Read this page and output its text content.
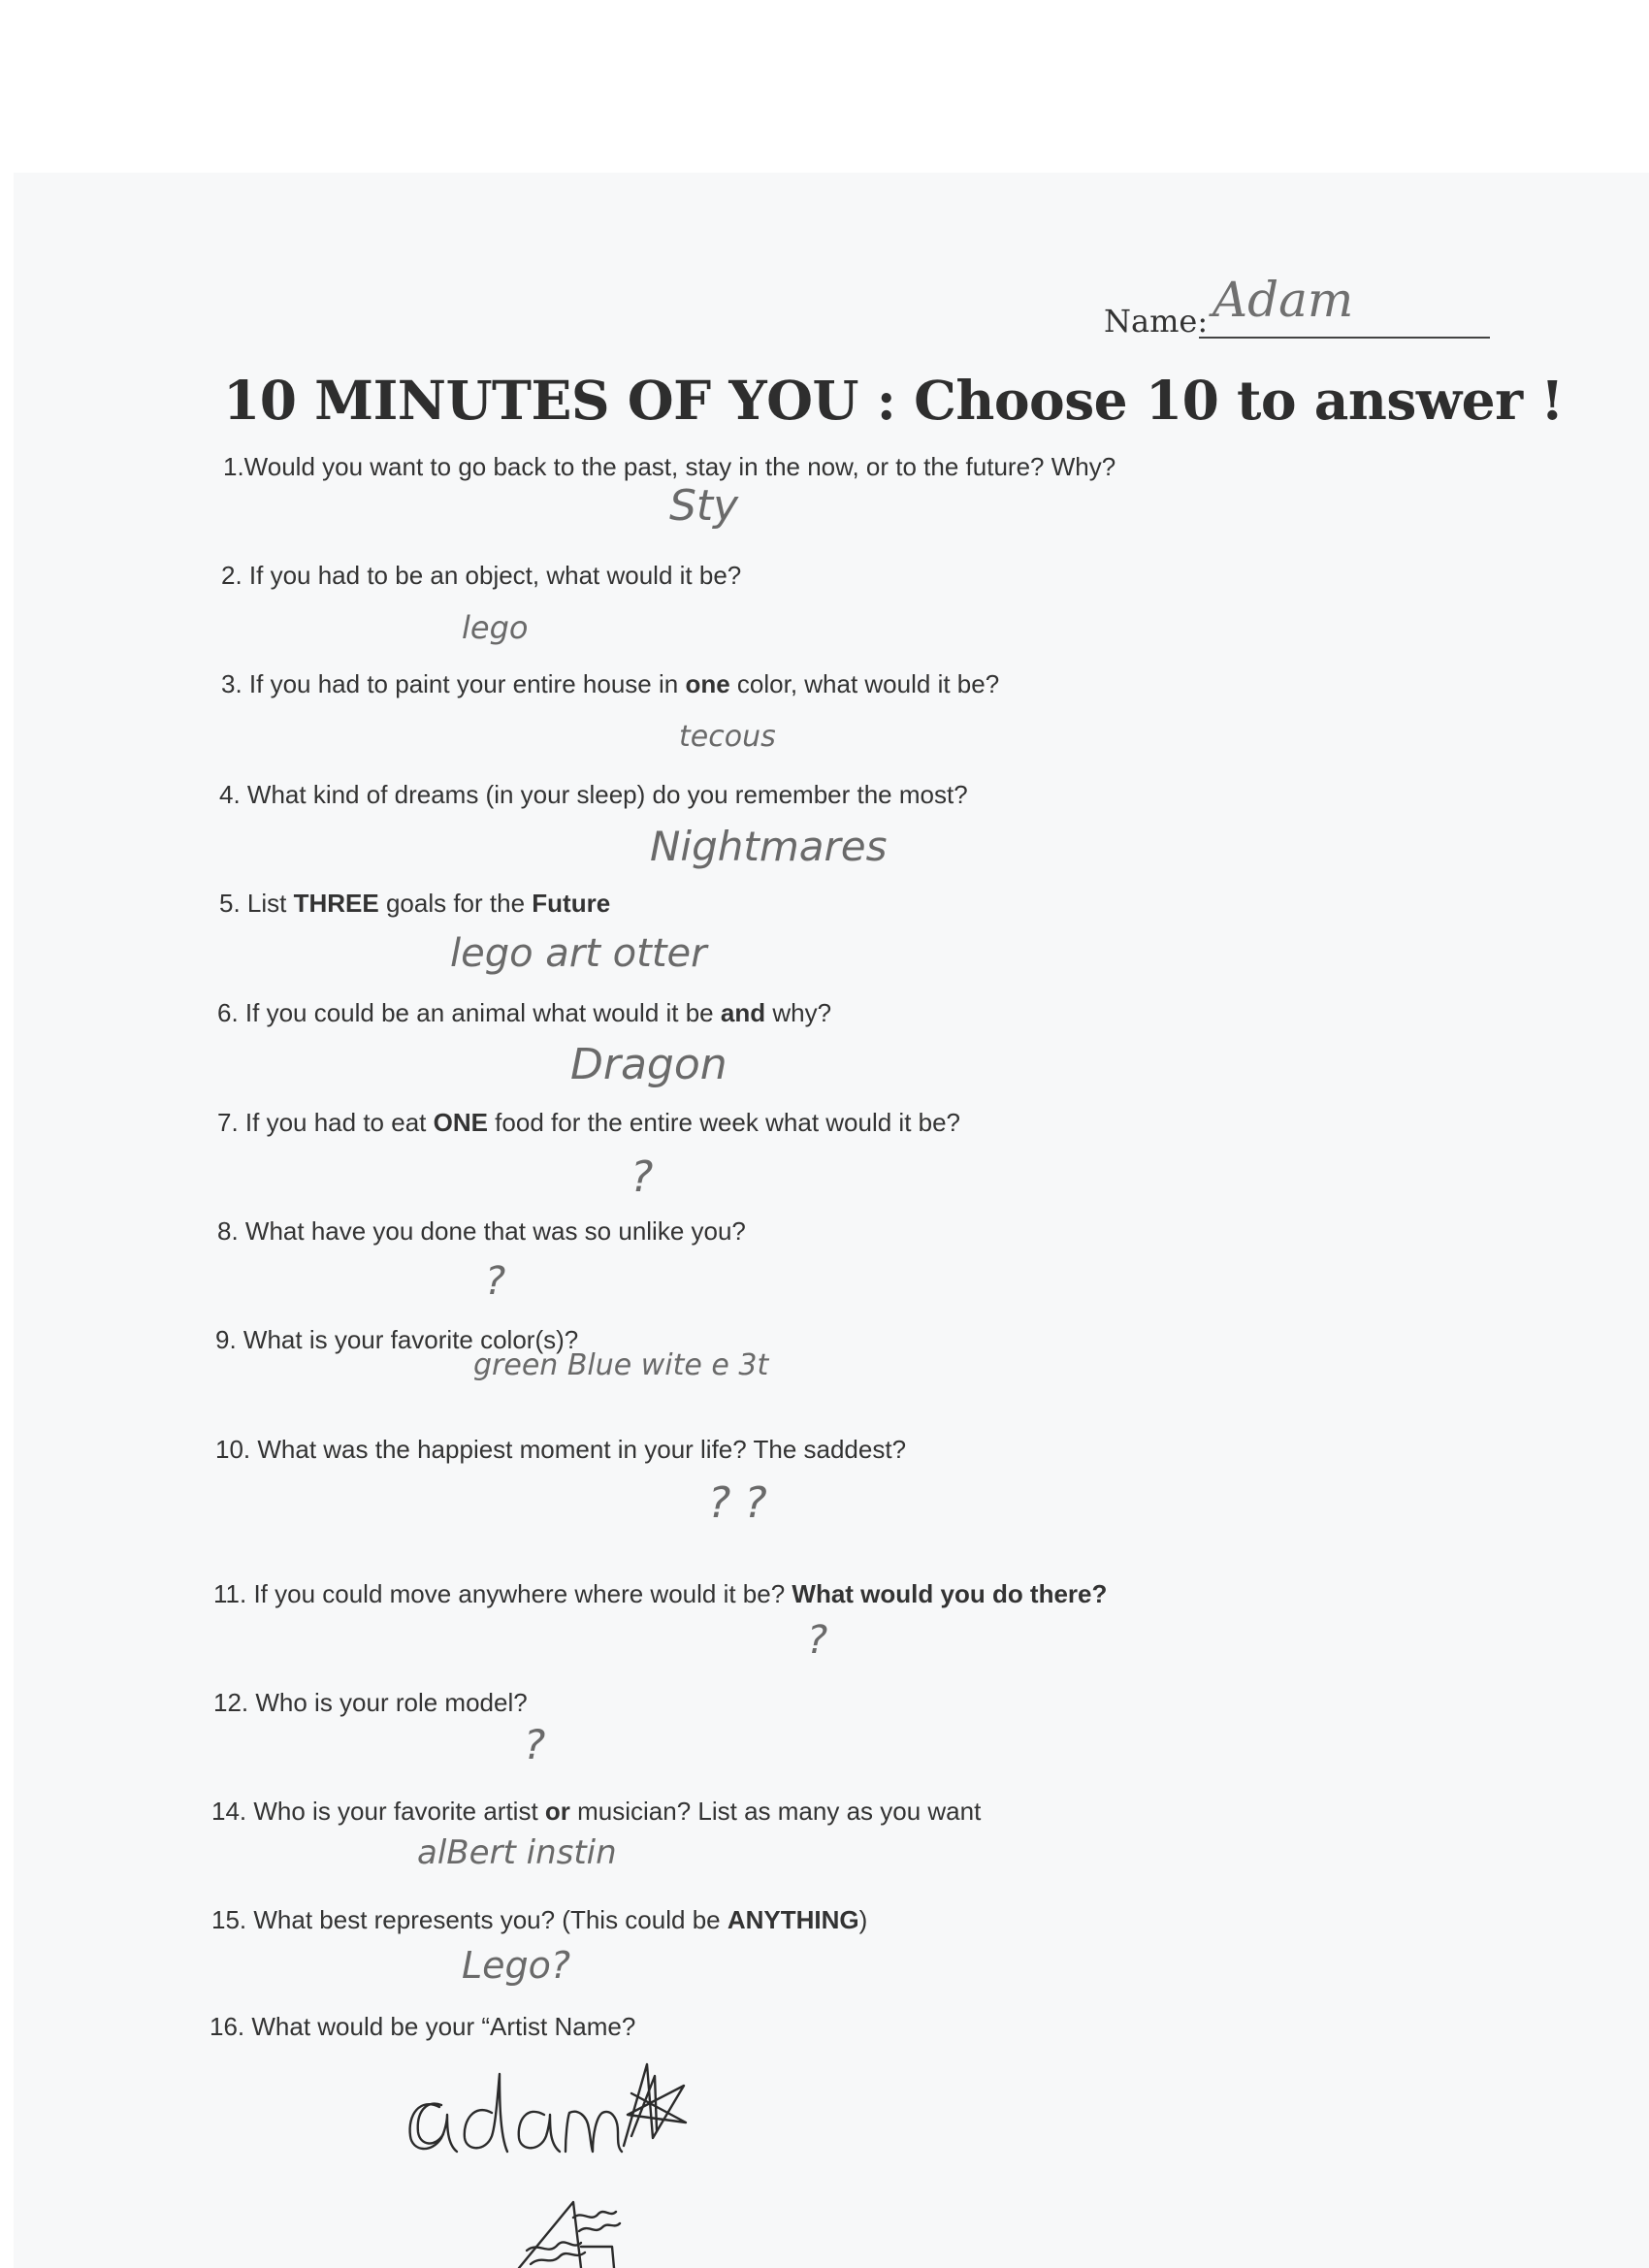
Name: Adam
10 MINUTES OF YOU : Choose 10 to answer !
1.Would you want to go back to the past, stay in the now, or to the future? Why?
Sty
2. If you had to be an object, what would it be?
lego
3. If you had to paint your entire house in one color, what would it be?
tecous
4. What kind of dreams (in your sleep) do you remember the most?
Nightmares
5. List THREE goals for the Future
lego art otter
6. If you could be an animal what would it be and why?
Dragon
7. If you had to eat ONE food for the entire week what would it be?
?
8. What have you done that was so unlike you?
?
9. What is your favorite color(s)?
green Blue wite e 3t
10. What was the happiest moment in your life? The saddest?
? ?
11. If you could move anywhere where would it be? What would you do there?
?
12. Who is your role model?
?
14. Who is your favorite artist or musician? List as many as you want
alBert instin
15. What best represents you? (This could be ANYTHING)
Lego?
16. What would be your “Artist Name?
